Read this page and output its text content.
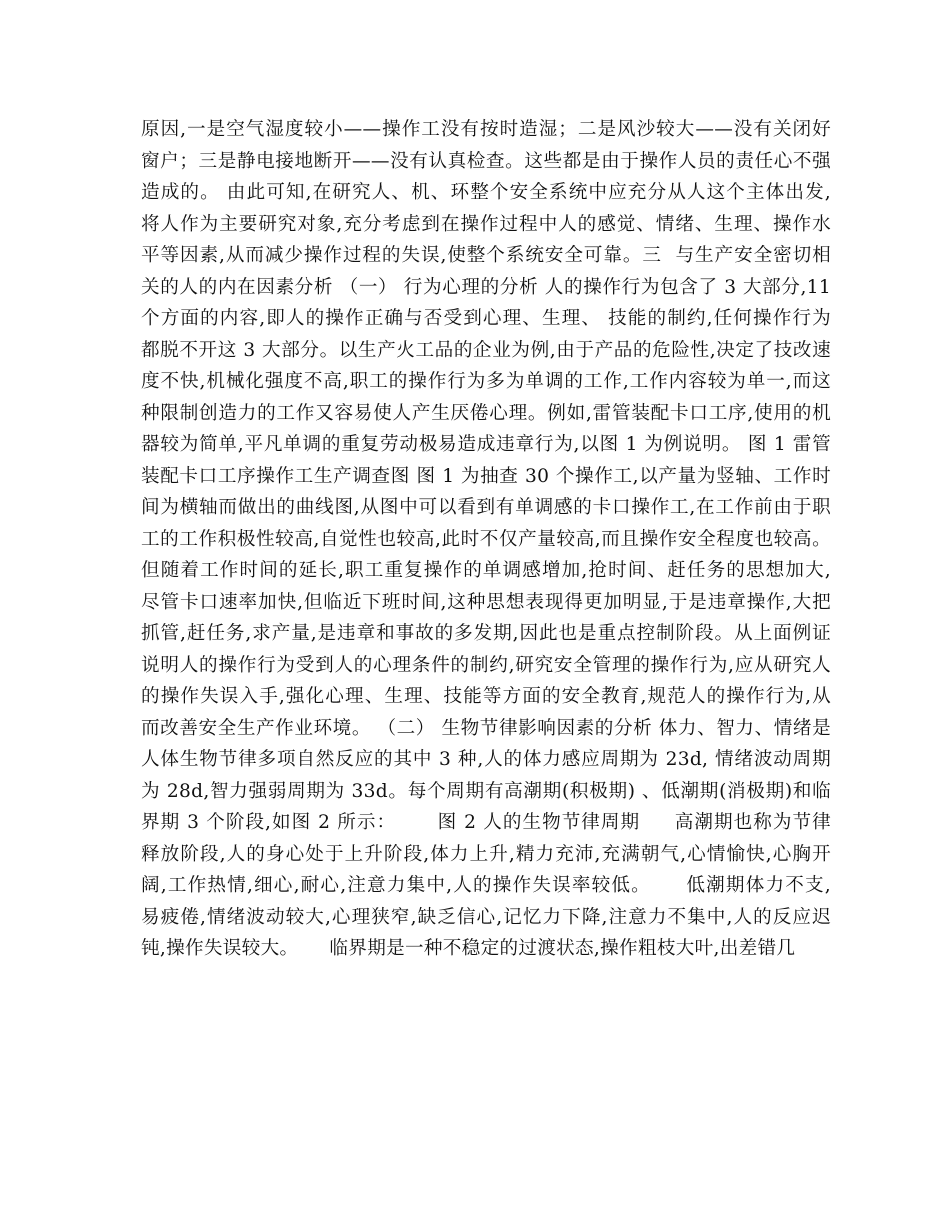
原因,一是空气湿度较小——操作工没有按时造湿；二是风沙较大——没有关闭好
窗户；三是静电接地断开——没有认真检查。这些都是由于操作人员的责任心不强
造成的。 由此可知,在研究人、机、环整个安全系统中应充分从人这个主体出发,
将人作为主要研究对象,充分考虑到在操作过程中人的感觉、情绪、生理、操作水
平等因素,从而减少操作过程的失误,使整个系统安全可靠。三  与生产安全密切相
关的人的内在因素分析 （一） 行为心理的分析 人的操作行为包含了 3 大部分,11
个方面的内容,即人的操作正确与否受到心理、生理、 技能的制约,任何操作行为
都脱不开这 3 大部分。以生产火工品的企业为例,由于产品的危险性,决定了技改速
度不快,机械化强度不高,职工的操作行为多为单调的工作,工作内容较为单一,而这
种限制创造力的工作又容易使人产生厌倦心理。例如,雷管装配卡口工序,使用的机
器较为简单,平凡单调的重复劳动极易造成违章行为,以图 1 为例说明。 图 1 雷管
装配卡口工序操作工生产调查图 图 1 为抽查 30 个操作工,以产量为竖轴、工作时
间为横轴而做出的曲线图,从图中可以看到有单调感的卡口操作工,在工作前由于职
工的工作积极性较高,自觉性也较高,此时不仅产量较高,而且操作安全程度也较高。
但随着工作时间的延长,职工重复操作的单调感增加,抢时间、赶任务的思想加大,
尽管卡口速率加快,但临近下班时间,这种思想表现得更加明显,于是违章操作,大把
抓管,赶任务,求产量,是违章和事故的多发期,因此也是重点控制阶段。从上面例证
说明人的操作行为受到人的心理条件的制约,研究安全管理的操作行为,应从研究人
的操作失误入手,强化心理、生理、技能等方面的安全教育,规范人的操作行为,从
而改善安全生产作业环境。 （二） 生物节律影响因素的分析 体力、智力、情绪是
人体生物节律多项自然反应的其中 3 种,人的体力感应周期为 23d, 情绪波动周期
为 28d,智力强弱周期为 33d。每个周期有高潮期(积极期) 、低潮期(消极期)和临
界期 3 个阶段,如图 2 所示：      图 2 人的生物节律周期     高潮期也称为节律
释放阶段,人的身心处于上升阶段,体力上升,精力充沛,充满朝气,心情愉快,心胸开
阔,工作热情,细心,耐心,注意力集中,人的操作失误率较低。     低潮期体力不支,
易疲倦,情绪波动较大,心理狭窄,缺乏信心,记忆力下降,注意力不集中,人的反应迟
钝,操作失误较大。     临界期是一种不稳定的过渡状态,操作粗枝大叶,出差错几
